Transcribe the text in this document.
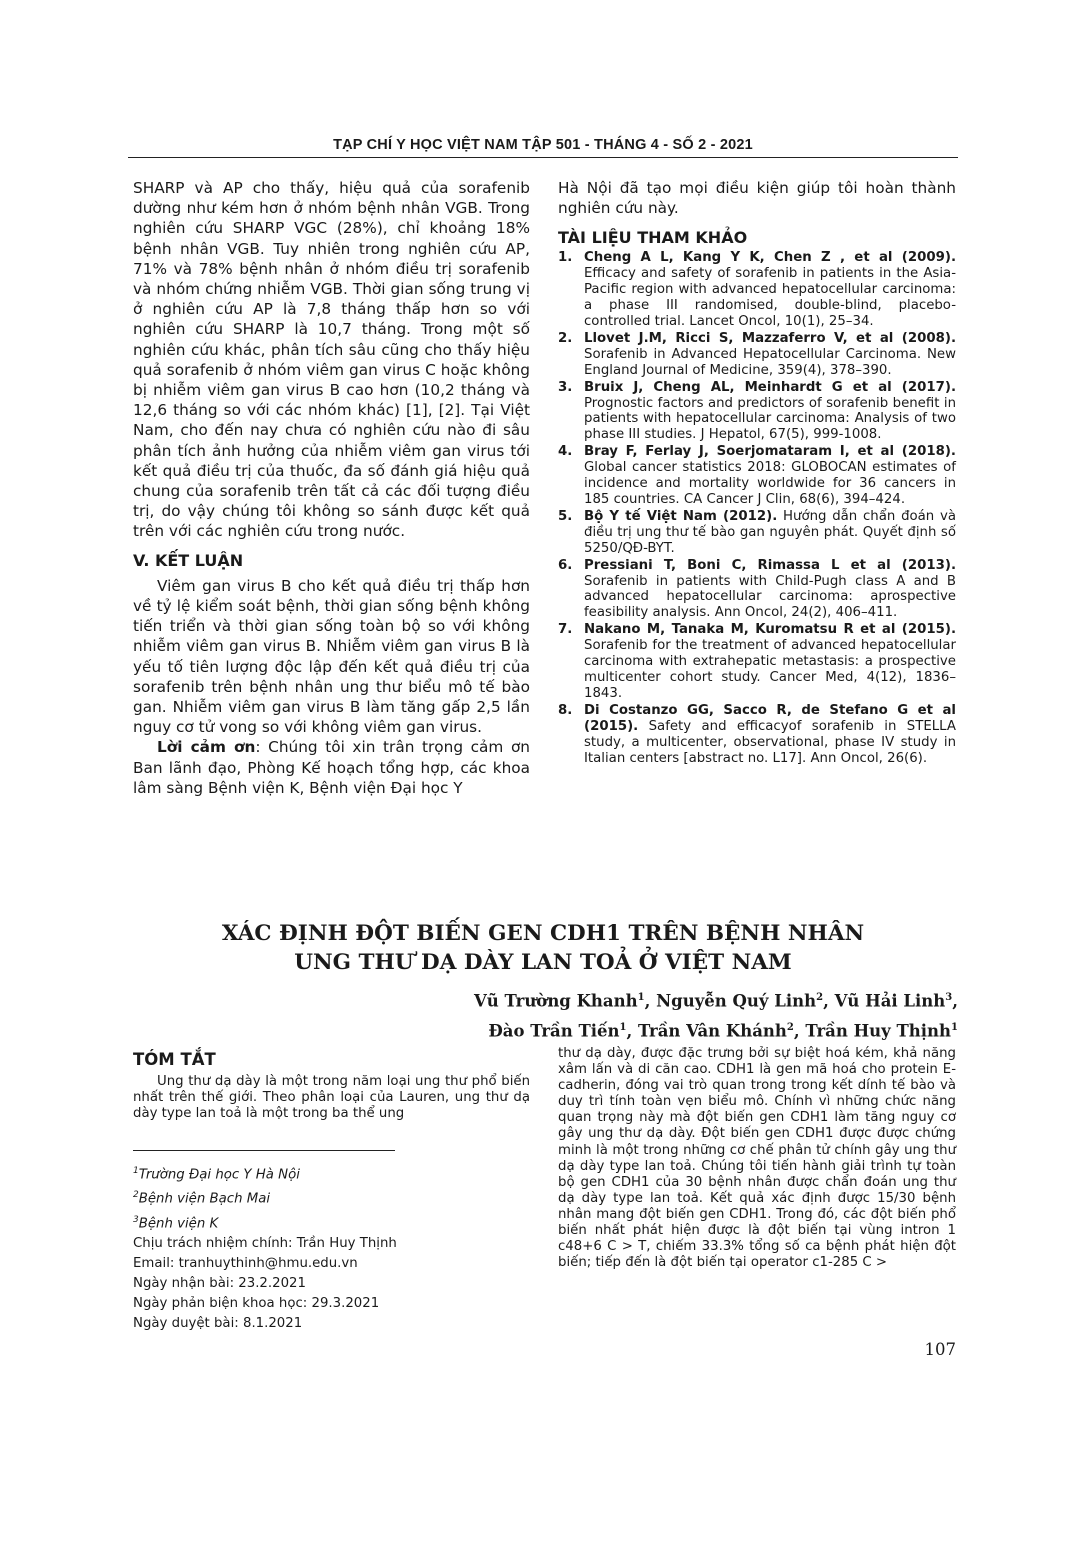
TẠP CHÍ Y HỌC VIỆT NAM TẬP 501 - THÁNG 4 - SỐ 2 - 2021

SHARP và AP cho thấy, hiệu quả của sorafenib dường như kém hơn ở nhóm bệnh nhân VGB. Trong nghiên cứu SHARP VGC (28%), chỉ khoảng 18% bệnh nhân VGB. Tuy nhiên trong nghiên cứu AP, 71% và 78% bệnh nhân ở nhóm điều trị sorafenib và nhóm chứng nhiễm VGB. Thời gian sống trung vị ở nghiên cứu AP là 7,8 tháng thấp hơn so với nghiên cứu SHARP là 10,7 tháng. Trong một số nghiên cứu khác, phân tích sâu cũng cho thấy hiệu quả sorafenib ở nhóm viêm gan virus C hoặc không bị nhiễm viêm gan virus B cao hơn (10,2 tháng và 12,6 tháng so với các nhóm khác) [1], [2]. Tại Việt Nam, cho đến nay chưa có nghiên cứu nào đi sâu phân tích ảnh hưởng của nhiễm viêm gan virus tới kết quả điều trị của thuốc, đa số đánh giá hiệu quả chung của sorafenib trên tất cả các đối tượng điều trị, do vậy chúng tôi không so sánh được kết quả trên với các nghiên cứu trong nước.

V. KẾT LUẬN

Viêm gan virus B cho kết quả điều trị thấp hơn về tỷ lệ kiểm soát bệnh, thời gian sống bệnh không tiến triển và thời gian sống toàn bộ so với không nhiễm viêm gan virus B. Nhiễm viêm gan virus B là yếu tố tiên lượng độc lập đến kết quả điều trị của sorafenib trên bệnh nhân ung thư biểu mô tế bào gan. Nhiễm viêm gan virus B làm tăng gấp 2,5 lần nguy cơ tử vong so với không viêm gan virus.

Lời cảm ơn: Chúng tôi xin trân trọng cảm ơn Ban lãnh đạo, Phòng Kế hoạch tổng hợp, các khoa lâm sàng Bệnh viện K, Bệnh viện Đại học Y

Hà Nội đã tạo mọi điều kiện giúp tôi hoàn thành nghiên cứu này.

TÀI LIỆU THAM KHẢO
1. Cheng A L, Kang Y K, Chen Z , et al (2009). Efficacy and safety of sorafenib in patients in the Asia-Pacific region with advanced hepatocellular carcinoma: a phase III randomised, double-blind, placebo-controlled trial. Lancet Oncol, 10(1), 25–34.
2. Llovet J.M, Ricci S, Mazzaferro V, et al (2008). Sorafenib in Advanced Hepatocellular Carcinoma. New England Journal of Medicine, 359(4), 378–390.
3. Bruix J, Cheng AL, Meinhardt G et al (2017). Prognostic factors and predictors of sorafenib benefit in patients with hepatocellular carcinoma: Analysis of two phase III studies. J Hepatol, 67(5), 999-1008.
4. Bray F, Ferlay J, Soerjomataram I, et al (2018). Global cancer statistics 2018: GLOBOCAN estimates of incidence and mortality worldwide for 36 cancers in 185 countries. CA Cancer J Clin, 68(6), 394–424.
5. Bộ Y tế Việt Nam (2012). Hướng dẫn chẩn đoán và điều trị ung thư tế bào gan nguyên phát. Quyết định số 5250/QĐ-BYT.
6. Pressiani T, Boni C, Rimassa L et al (2013). Sorafenib in patients with Child-Pugh class A and B advanced hepatocellular carcinoma: aprospective feasibility analysis. Ann Oncol, 24(2), 406–411.
7. Nakano M, Tanaka M, Kuromatsu R et al (2015). Sorafenib for the treatment of advanced hepatocellular carcinoma with extrahepatic metastasis: a prospective multicenter cohort study. Cancer Med, 4(12), 1836–1843.
8. Di Costanzo GG, Sacco R, de Stefano G et al (2015). Safety and efficacyof sorafenib in STELLA study, a multicenter, observational, phase IV study in Italian centers [abstract no. L17]. Ann Oncol, 26(6).
XÁC ĐỊNH ĐỘT BIẾN GEN CDH1 TRÊN BỆNH NHÂN
UNG THƯ DẠ DÀY LAN TOẢ Ở VIỆT NAM
Vũ Trường Khanh$^1$, Nguyễn Quý Linh$^2$, Vũ Hải Linh$^3$,
Đào Trần Tiến$^1$, Trần Vân Khánh$^2$, Trần Huy Thịnh$^1$
TÓM TẮT

Ung thư dạ dày là một trong năm loại ung thư phổ biến nhất trên thế giới. Theo phân loại của Lauren, ung thư dạ dày type lan toả là một trong ba thể ung

$^1$Trường Đại học Y Hà Nội
$^2$Bệnh viện Bạch Mai
$^3$Bệnh viện K
Chịu trách nhiệm chính: Trần Huy Thịnh
Email: tranhuythinh@hmu.edu.vn
Ngày nhận bài: 23.2.2021
Ngày phản biện khoa học: 29.3.2021
Ngày duyệt bài: 8.1.2021

thư dạ dày, được đặc trưng bởi sự biệt hoá kém, khả năng xâm lấn và di căn cao. CDH1 là gen mã hoá cho protein E-cadherin, đóng vai trò quan trong trong kết dính tế bào và duy trì tính toàn vẹn biểu mô. Chính vì những chức năng quan trọng này mà đột biến gen CDH1 làm tăng nguy cơ gây ung thư dạ dày. Đột biến gen CDH1 được được chứng minh là một trong những cơ chế phân tử chính gây ung thư dạ dày type lan toả. Chúng tôi tiến hành giải trình tự toàn bộ gen CDH1 của 30 bệnh nhân được chẩn đoán ung thư dạ dày type lan toả. Kết quả xác định được 15/30 bệnh nhân mang đột biến gen CDH1. Trong đó, các đột biến phổ biến nhất phát hiện được là đột biến tại vùng intron 1 c48+6 C > T, chiếm 33.3% tổng số ca bệnh phát hiện đột biến; tiếp đến là đột biến tại operator c1-285 C >

107
